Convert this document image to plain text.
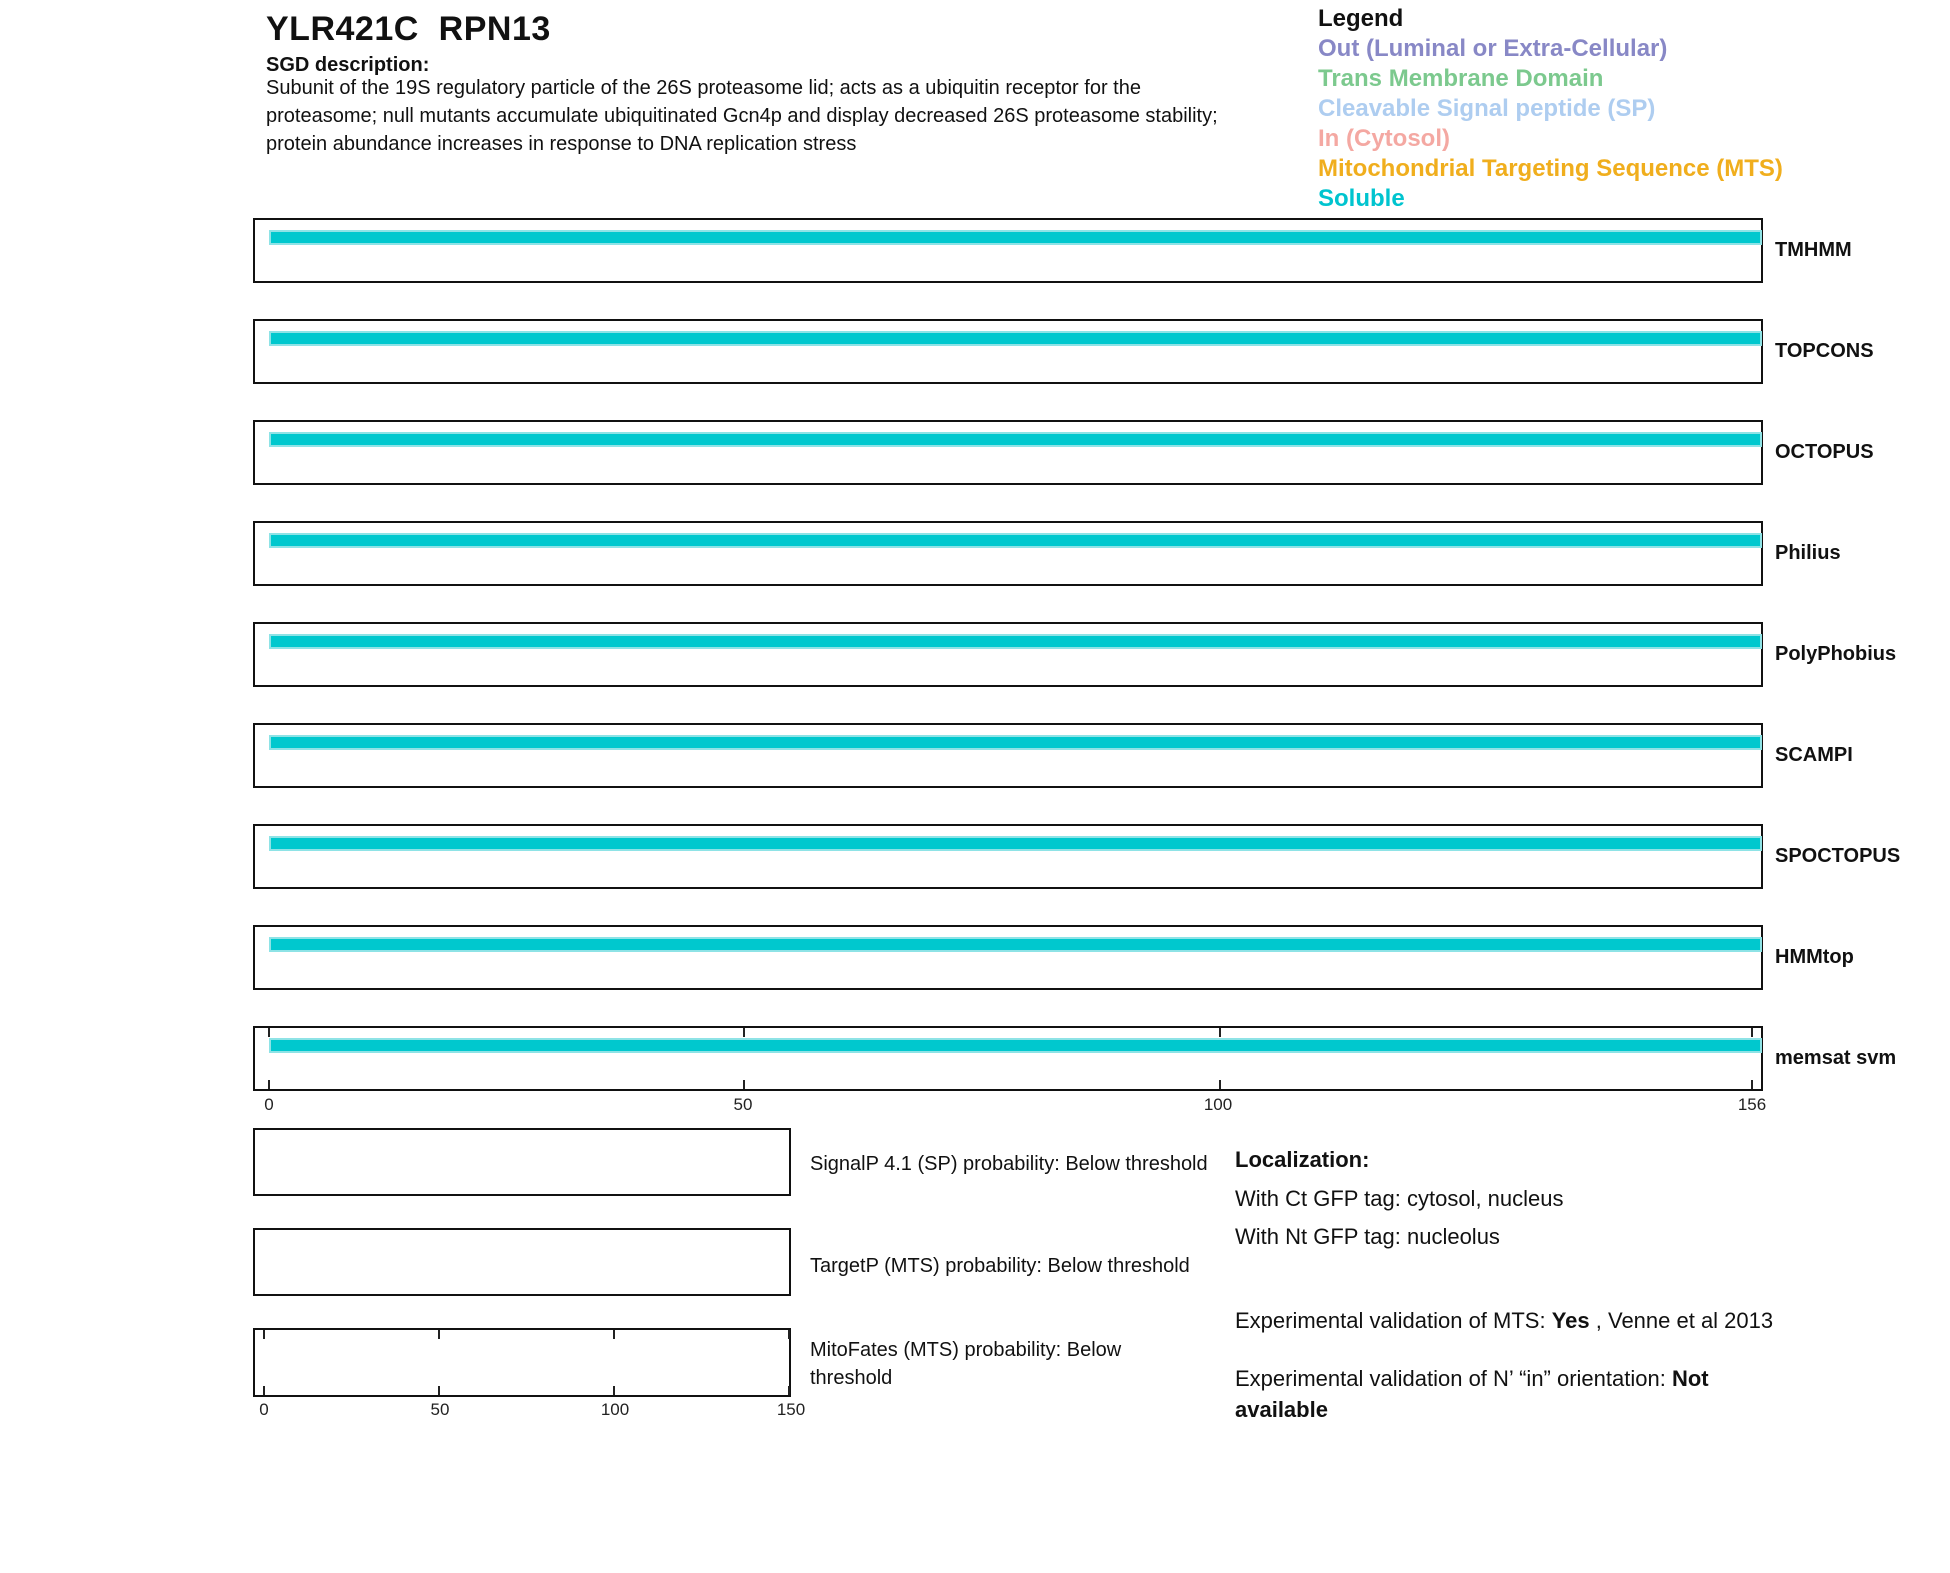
YLR421C  RPN13
SGD description:
Subunit of the 19S regulatory particle of the 26S proteasome lid; acts as a ubiquitin receptor for the
proteasome; null mutants accumulate ubiquitinated Gcn4p and display decreased 26S proteasome stability;
protein abundance increases in response to DNA replication stress
Legend
Out (Luminal or Extra-Cellular)
Trans Membrane Domain
Cleavable Signal peptide (SP)
In (Cytosol)
Mitochondrial Targeting Sequence (MTS)
Soluble
TMHMM
TOPCONS
OCTOPUS
Philius
PolyPhobius
SCAMPI
SPOCTOPUS
HMMtop
memsat svm
0	50	100	156
SignalP 4.1 (SP) probability: Below threshold
TargetP (MTS) probability: Below threshold
MitoFates (MTS) probability: Below threshold
0	50	100	150
Localization:
With Ct GFP tag: cytosol, nucleus
With Nt GFP tag: nucleolus
Experimental validation of MTS: Yes , Venne et al 2013
Experimental validation of N’ “in” orientation: Not available
